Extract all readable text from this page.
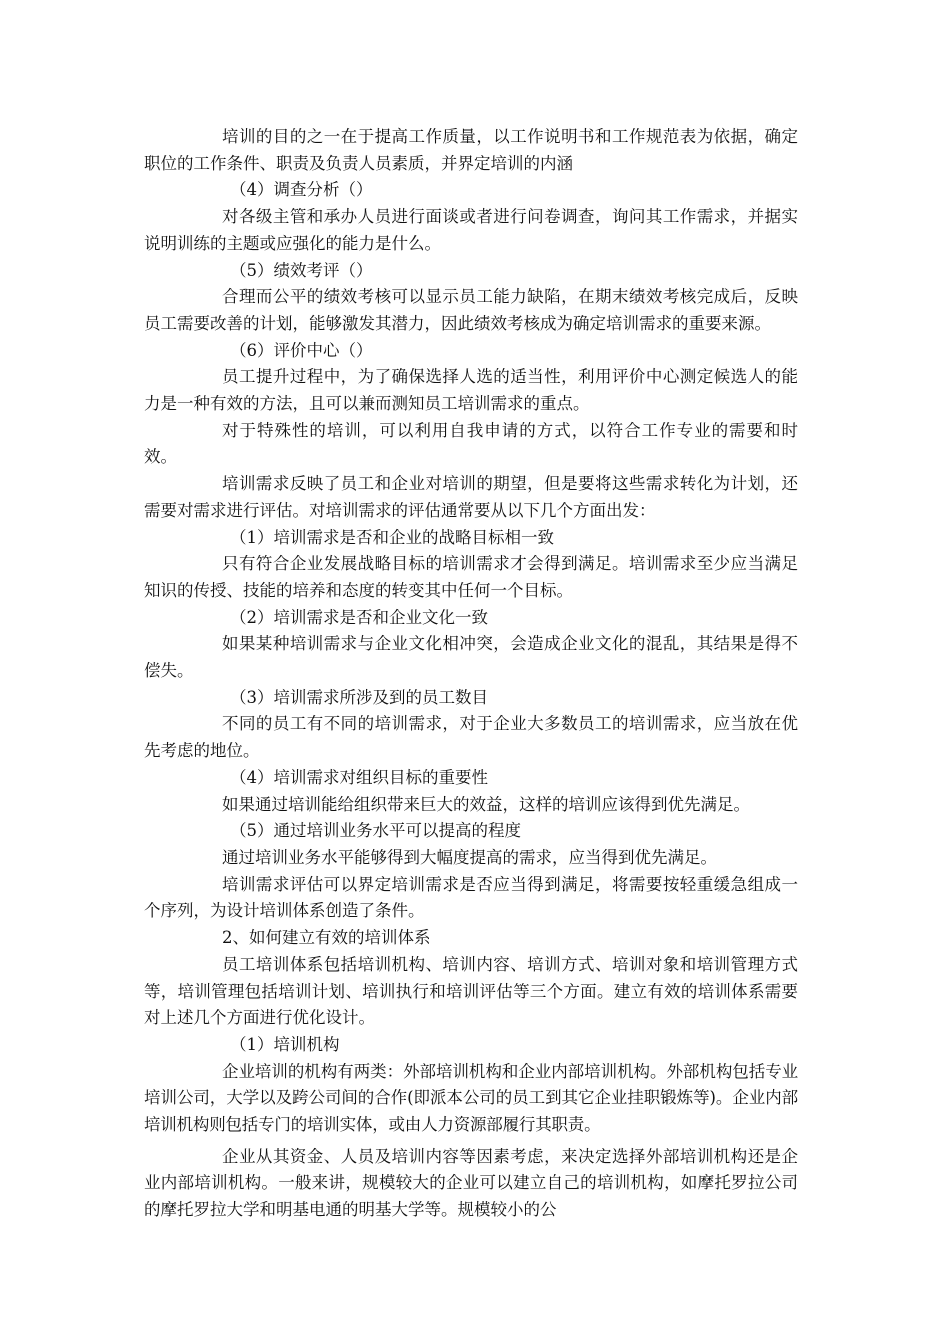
培训的目的之一在于提高工作质量，以工作说明书和工作规范表为依据，确定职位的工作条件、职责及负责人员素质，并界定培训的内涵

（4）调查分析（）

对各级主管和承办人员进行面谈或者进行问卷调查，询问其工作需求，并据实说明训练的主题或应强化的能力是什么。

（5）绩效考评（）

合理而公平的绩效考核可以显示员工能力缺陷，在期末绩效考核完成后，反映员工需要改善的计划，能够激发其潜力，因此绩效考核成为确定培训需求的重要来源。

（6）评价中心（）

员工提升过程中，为了确保选择人选的适当性，利用评价中心测定候选人的能力是一种有效的方法，且可以兼而测知员工培训需求的重点。

对于特殊性的培训，可以利用自我申请的方式，以符合工作专业的需要和时效。

培训需求反映了员工和企业对培训的期望，但是要将这些需求转化为计划，还需要对需求进行评估。对培训需求的评估通常要从以下几个方面出发：

（1）培训需求是否和企业的战略目标相一致

只有符合企业发展战略目标的培训需求才会得到满足。培训需求至少应当满足知识的传授、技能的培养和态度的转变其中任何一个目标。

（2）培训需求是否和企业文化一致

如果某种培训需求与企业文化相冲突，会造成企业文化的混乱，其结果是得不偿失。

（3）培训需求所涉及到的员工数目

不同的员工有不同的培训需求，对于企业大多数员工的培训需求，应当放在优先考虑的地位。

（4）培训需求对组织目标的重要性

如果通过培训能给组织带来巨大的效益，这样的培训应该得到优先满足。

（5）通过培训业务水平可以提高的程度

通过培训业务水平能够得到大幅度提高的需求，应当得到优先满足。

培训需求评估可以界定培训需求是否应当得到满足，将需要按轻重缓急组成一个序列，为设计培训体系创造了条件。

2、如何建立有效的培训体系

员工培训体系包括培训机构、培训内容、培训方式、培训对象和培训管理方式等，培训管理包括培训计划、培训执行和培训评估等三个方面。建立有效的培训体系需要对上述几个方面进行优化设计。

（1）培训机构

企业培训的机构有两类：外部培训机构和企业内部培训机构。外部机构包括专业培训公司，大学以及跨公司间的合作(即派本公司的员工到其它企业挂职锻炼等)。企业内部培训机构则包括专门的培训实体，或由人力资源部履行其职责。

企业从其资金、人员及培训内容等因素考虑，来决定选择外部培训机构还是企业内部培训机构。一般来讲，规模较大的企业可以建立自己的培训机构，如摩托罗拉公司的摩托罗拉大学和明基电通的明基大学等。规模较小的公
